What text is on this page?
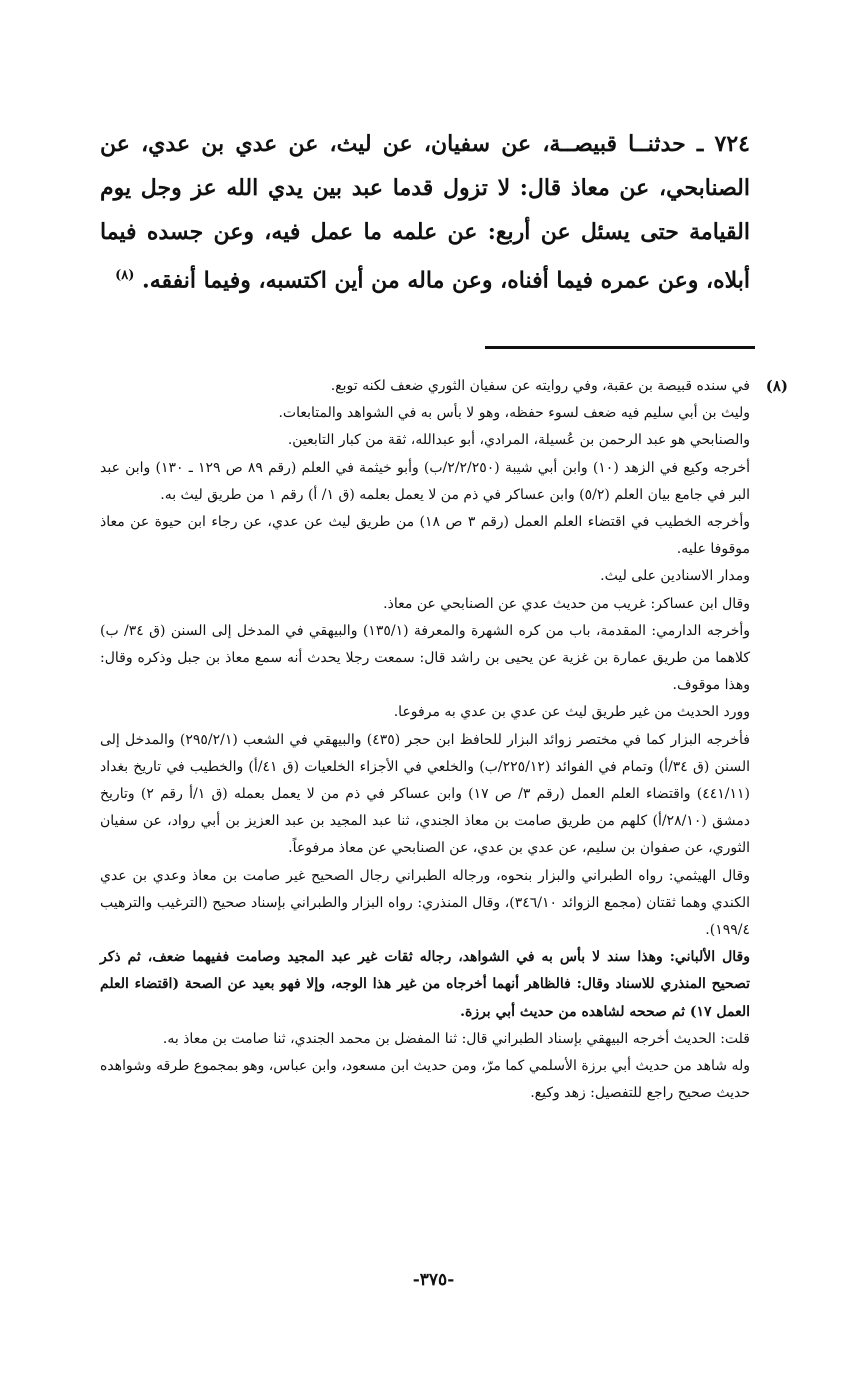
٧٢٤ ـ حدثنــا قبيصــة، عن سفيان، عن ليث، عن عدي بن عدي، عن الصنابحي، عن معاذ قال: لا تزول قدما عبد بين يدي الله عز وجل يوم القيامة حتى يسئل عن أربع: عن علمه ما عمل فيه، وعن جسده فيما أبلاه، وعن عمره فيما أفناه، وعن ماله من أين اكتسبه، وفيما أنفقه. $^{(٨)}$
(٨)
في سنده قبيصة بن عقبة، وفي روايته عن سفيان الثوري ضعف لكنه توبع.
وليث بن أبي سليم فيه ضعف لسوء حفظه، وهو لا بأس به في الشواهد والمتابعات.
والصنابحي هو عبد الرحمن بن عُسيلة، المرادي، أبو عبدالله، ثقة من كبار التابعين.
أخرجه وكيع في الزهد (١٠) وابن أبي شيبة (٢/٢/٢٥٠/ب) وأبو خيثمة في العلم (رقم ٨٩ ص ١٢٩ ـ ١٣٠) وابن عبد البر في جامع بيان العلم (٥/٢) وابن عساكر في ذم من لا يعمل بعلمه (ق ١/ أ) رقم ١ من طريق ليث به.
وأخرجه الخطيب في اقتضاء العلم العمل (رقم ٣ ص ١٨) من طريق ليث عن عدي، عن رجاء ابن حيوة عن معاذ موقوفا عليه.
ومدار الاسنادين على ليث.
وقال ابن عساكر: غريب من حديث عدي عن الصنابحي عن معاذ.
وأخرجه الدارمي: المقدمة، باب من كره الشهرة والمعرفة (١٣٥/١) والبيهقي في المدخل إلى السنن (ق ٣٤/ ب) كلاهما من طريق عمارة بن غزية عن يحيى بن راشد قال: سمعت رجلا يحدث أنه سمع معاذ بن جبل وذكره وقال: وهذا موقوف.
وورد الحديث من غير طريق ليث عن عدي بن عدي به مرفوعا.
فأخرجه البزار كما في مختصر زوائد البزار للحافظ ابن حجر (٤٣٥) والبيهقي في الشعب (٢٩٥/٢/١) والمدخل إلى السنن (ق ٣٤/أ) وتمام في الفوائد (٢٢٥/١٢/ب) والخلعي في الأجزاء الخلعيات (ق ٤١/أ) والخطيب في تاريخ بغداد (٤٤١/١١) واقتضاء العلم العمل (رقم ٣/ ص ١٧) وابن عساكر في ذم من لا يعمل بعمله (ق ١/أ رقم ٢) وتاريخ دمشق (٢٨/١٠/أ) كلهم من طريق صامت بن معاذ الجندي، ثنا عبد المجيد بن عبد العزيز بن أبي رواد، عن سفيان الثوري، عن صفوان بن سليم، عن عدي بن عدي، عن الصنابحي عن معاذ مرفوعاً.
وقال الهيثمي: رواه الطبراني والبزار بنحوه، ورجاله الطبراني رجال الصحيح غير صامت بن معاذ وعدي بن عدي الكندي وهما ثقتان (مجمع الزوائد ٣٤٦/١٠)، وقال المنذري: رواه البزار والطبراني بإسناد صحيح (الترغيب والترهيب ١٩٩/٤).
وقال الألباني: وهذا سند لا بأس به في الشواهد، رجاله ثقات غير عبد المجيد وصامت ففيهما ضعف، ثم ذكر تصحيح المنذري للاسناد وقال: فالظاهر أنهما أخرجاه من غير هذا الوجه، وإلا فهو بعيد عن الصحة (اقتضاء العلم العمل ١٧) ثم صححه لشاهده من حديث أبي برزة.
قلت: الحديث أخرجه البيهقي بإسناد الطبراني قال: ثنا المفضل بن محمد الجندي، ثنا صامت بن معاذ به.
وله شاهد من حديث أبي برزة الأسلمي كما مرّ، ومن حديث ابن مسعود، وابن عباس، وهو بمجموع طرقه وشواهده حديث صحيح راجع للتفصيل: زهد وكيع.
-٣٧٥-
